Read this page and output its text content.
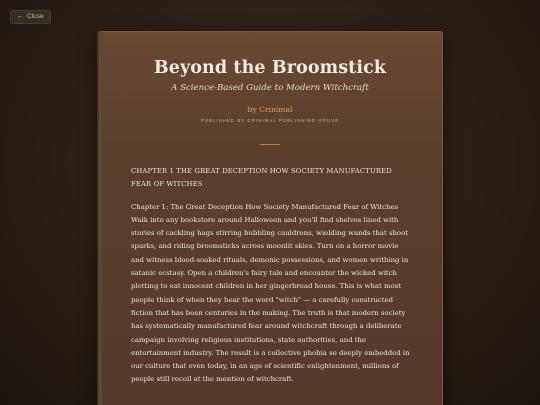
← Close
Beyond the Broomstick
A Science-Based Guide to Modern Witchcraft
by Crinimal
PUBLISHED BY CRINIMAL PUBLISHING HOUSE

CHAPTER 1 THE GREAT DECEPTION HOW SOCIETY MANUFACTURED FEAR OF WITCHES

Chapter 1: The Great Deception How Society Manufactured Fear of Witches Walk into any bookstore around Halloween and you'll find shelves lined with stories of cackling hags stirring bubbling cauldrons, wielding wands that shoot sparks, and riding broomsticks across moonlit skies. Turn on a horror movie and witness blood-soaked rituals, demonic possessions, and women writhing in satanic ecstasy. Open a children's fairy tale and encounter the wicked witch plotting to eat innocent children in her gingerbread house. This is what most people think of when they hear the word "witch" — a carefully constructed fiction that has been centuries in the making. The truth is that modern society has systematically manufactured fear around witchcraft through a deliberate campaign involving religious institutions, state authorities, and the entertainment industry. The result is a collective phobia so deeply embedded in our culture that even today, in an age of scientific enlightenment, millions of people still recoil at the mention of witchcraft.
